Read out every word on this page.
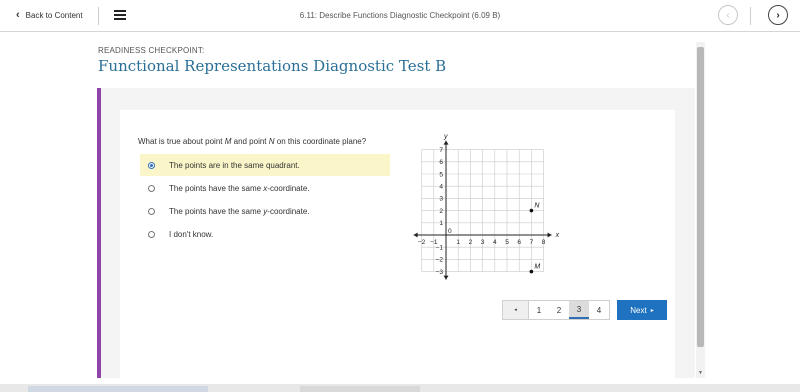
‹ Back to Content	6.11: Describe Functions Diagnostic Checkpoint (6.09 B)	‹	›
READINESS CHECKPOINT:
Functional Representations Diagnostic Test B
What is true about point M and point N on this coordinate plane?
The points are in the same quadrant.
The points have the same x-coordinate.
The points have the same y-coordinate.
I don't know.	x
y
−2 −1	1 2 3 4 5 6 7 8
7
6
5
4
3
2
1
−1
−2
−3
0
N
M
◂	1	2	3	4	Next ▸
▼
